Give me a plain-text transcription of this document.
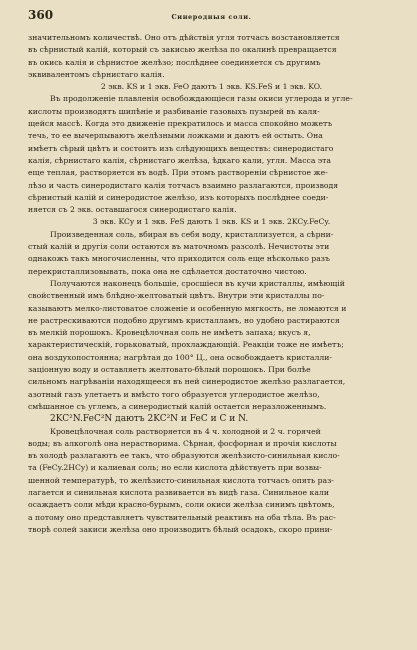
360	Синеродныя соли.
значительномъ количествѣ. Оно отъ дѣйствія угля тотчасъ возстановляется
въ сѣрнистый калій, который съ закисью желѣза по окалинѣ превращается
въ окись калія и сѣрнистое желѣзо; послѣднее соединяется съ другимъ
эквивалентомъ сѣрнистаго калія.
2 экв. KS и 1 экв. FeO даютъ 1 экв. KS.FeS и 1 экв. KO.
Въ продолженіе плавленія освобождающіеся газы окиси углерода и угле-
кислоты производятъ шипѣніе и разбиваніе газовыхъ пузырей въ каля-
щейся массѣ. Когда это движеніе прекратилось и масса спокойно можетъ
течь, то ее вычерпываютъ желѣзными ложками и даютъ ей остыть. Она
имѣетъ сѣрый цвѣтъ и состоитъ изъ слѣдующихъ веществъ: синеродистаго
калія, сѣрнистаго калія, сѣрнистаго желѣза, ѣдкаго кали, угля. Масса эта
еще теплая, растворяется въ водѣ. При этомъ раствореніи сѣрнистое же-
лѣзо и часть синеродистаго калія тотчасъ взаимно разлагаются, производя
сѣрнистый калій и синеродистое желѣзо, изъ которыхъ послѣднее соеди-
няется съ 2 экв. оставшагося синеродистаго калія.
3 экв. KCy и 1 экв. FeS даютъ 1 экв. KS и 1 экв. 2KCy.FeCy.
Произведенная соль, вбирая въ себя воду, кристаллизуется, а сѣрни-
стый калій и другія соли остаются въ маточномъ разсолѣ. Нечистоты эти
однакожъ такъ многочисленны, что приходится соль еще нѣсколько разъ
перекристаллизовывать, пока она не сдѣлается достаточно чистою.
Получаются наконецъ большіе, сросшіеся въ кучи кристаллы, имѣющій
свойственный имъ блѣдно-желтоватый цвѣтъ. Внутри эти кристаллы по-
казываютъ мелко-листоватое сложеніе и особенную мягкость, не ломаются и
не растрескиваются подобно другимъ кристалламъ, но удобно растираются
въ мелкій порошокъ. Кровецѣлочная соль не имѣетъ запаха; вкусъ я,
характеристическій, горьковатый, прохлаждающій. Реакціи тоже не имѣетъ;
она воздухопостоянна; нагрѣтая до 100° Ц., она освобождаетъ кристалли-
заціонную воду и оставляетъ желтовато-бѣлый порошокъ. При болѣе
сильномъ нагрѣваніи находящееся въ ней синеродистое желѣзо разлагается,
азотный газъ улетаетъ и вмѣсто того образуется углеродистое желѣзо,
смѣшанное съ углемъ, а синеродистый калій остается неразложеннымъ.
2KC²N.FeC²N даютъ 2KC²N и FeC и C и N.
Кровецѣлочная соль растворяется въ 4 ч. холодной и 2 ч. горячей
воды; въ алкоголѣ она нерастворима. Сѣрная, фосфорная и прочія кислоты
въ холодѣ разлагаютъ ее такъ, что образуются желѣзисто-синильная кисло-
та (FeCy.2HCy) и калиевая соль; но если кислота дѣйствуетъ при возвы-
шенной температурѣ, то желѣзисто-синильная кислота тотчасъ опять раз-
лагается и синильная кислота развивается въ видѣ газа. Синильное кали
осаждаетъ соли мѣди красно-бурымъ, соли окиси желѣза синимъ цвѣтомъ,
а потому оно представляетъ чувствительный реактивъ на оба тѣла. Въ рас-
творѣ солей закиси желѣза оно производитъ бѣлый осадокъ, скоро прини-
